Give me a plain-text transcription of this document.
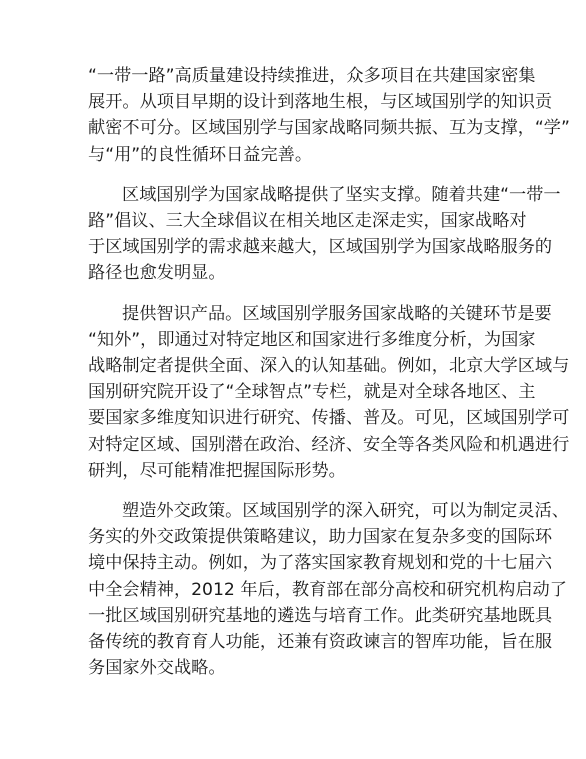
“一带一路”高质量建设持续推进，众多项目在共建国家密集
展开。从项目早期的设计到落地生根，与区域国别学的知识贡
献密不可分。区域国别学与国家战略同频共振、互为支撑，“学”
与“用”的良性循环日益完善。
区域国别学为国家战略提供了坚实支撑。随着共建“一带一
路”倡议、三大全球倡议在相关地区走深走实，国家战略对
于区域国别学的需求越来越大，区域国别学为国家战略服务的
路径也愈发明显。
提供智识产品。区域国别学服务国家战略的关键环节是要
“知外”，即通过对特定地区和国家进行多维度分析，为国家
战略制定者提供全面、深入的认知基础。例如，北京大学区域与
国别研究院开设了“全球智点”专栏，就是对全球各地区、主
要国家多维度知识进行研究、传播、普及。可见，区域国别学可
对特定区域、国别潜在政治、经济、安全等各类风险和机遇进行
研判，尽可能精准把握国际形势。
塑造外交政策。区域国别学的深入研究，可以为制定灵活、
务实的外交政策提供策略建议，助力国家在复杂多变的国际环
境中保持主动。例如，为了落实国家教育规划和党的十七届六
中全会精神，2012 年后，教育部在部分高校和研究机构启动了
一批区域国别研究基地的遴选与培育工作。此类研究基地既具
备传统的教育育人功能，还兼有资政谏言的智库功能，旨在服
务国家外交战略。
